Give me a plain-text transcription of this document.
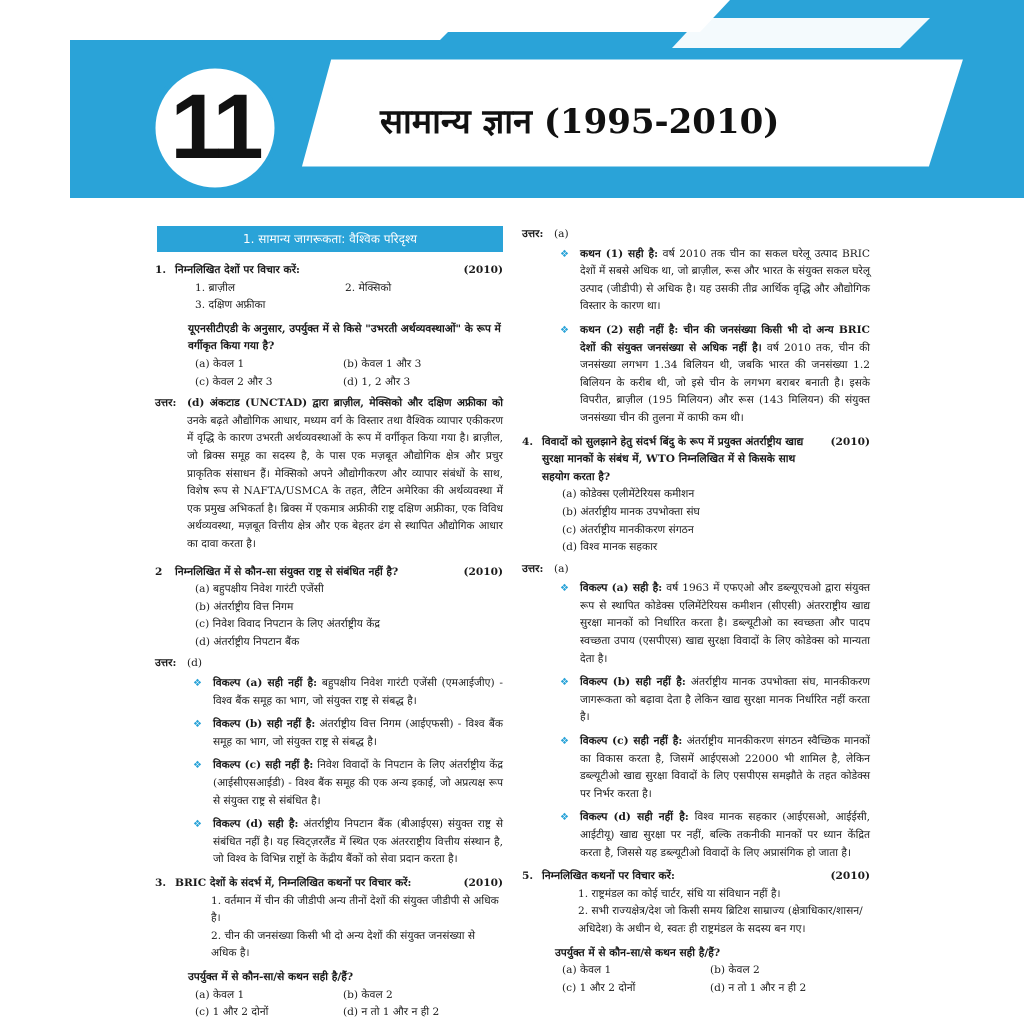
11	सामान्य ज्ञान (1995-2010)
1. सामान्य जागरूकता: वैश्विक परिदृश्य
1. निम्नलिखित देशों पर विचार करें:	(2010)
1. ब्राज़ील	2. मेक्सिको
3. दक्षिण अफ्रीका
यूएनसीटीएडी के अनुसार, उपर्युक्त में से किसे "उभरती अर्थव्यवस्थाओं" के रूप में वर्गीकृत किया गया है?
(a) केवल 1	(b) केवल 1 और 3
(c) केवल 2 और 3	(d) 1, 2 और 3
उत्तर: (d) अंकटाड (UNCTAD) द्वारा ब्राज़ील, मेक्सिको और दक्षिण अफ्रीका को उनके बढ़ते औद्योगिक आधार, मध्यम वर्ग के विस्तार तथा वैश्विक व्यापार एकीकरण में वृद्धि के कारण उभरती अर्थव्यवस्थाओं के रूप में वर्गीकृत किया गया है। ब्राज़ील, जो ब्रिक्स समूह का सदस्य है, के पास एक मज़बूत औद्योगिक क्षेत्र और प्रचुर प्राकृतिक संसाधन हैं। मेक्सिको अपने औद्योगीकरण और व्यापार संबंधों के साथ, विशेष रूप से NAFTA/USMCA के तहत, लैटिन अमेरिका की अर्थव्यवस्था में एक प्रमुख अभिकर्ता है। ब्रिक्स में एकमात्र अफ्रीकी राष्ट्र दक्षिण अफ्रीका, एक विविध अर्थव्यवस्था, मज़बूत वित्तीय क्षेत्र और एक बेहतर ढंग से स्थापित औद्योगिक आधार का दावा करता है।
2 निम्नलिखित में से कौन-सा संयुक्त राष्ट्र से संबंधित नहीं है?	(2010)
(a) बहुपक्षीय निवेश गारंटी एजेंसी
(b) अंतर्राष्ट्रीय वित्त निगम
(c) निवेश विवाद निपटान के लिए अंतर्राष्ट्रीय केंद्र
(d) अंतर्राष्ट्रीय निपटान बैंक
उत्तर: (d)
❖ विकल्प (a) सही नहीं है: बहुपक्षीय निवेश गारंटी एजेंसी (एमआईजीए) - विश्व बैंक समूह का भाग, जो संयुक्त राष्ट्र से संबद्ध है।
❖ विकल्प (b) सही नहीं है: अंतर्राष्ट्रीय वित्त निगम (आईएफसी) - विश्व बैंक समूह का भाग, जो संयुक्त राष्ट्र से संबद्ध है।
❖ विकल्प (c) सही नहीं है: निवेश विवादों के निपटान के लिए अंतर्राष्ट्रीय केंद्र (आईसीएसआईडी) - विश्व बैंक समूह की एक अन्य इकाई, जो अप्रत्यक्ष रूप से संयुक्त राष्ट्र से संबंधित है।
❖ विकल्प (d) सही है: अंतर्राष्ट्रीय निपटान बैंक (बीआईएस) संयुक्त राष्ट्र से संबंधित नहीं है। यह स्विट्ज़रलैंड में स्थित एक अंतरराष्ट्रीय वित्तीय संस्थान है, जो विश्व के विभिन्न राष्ट्रों के केंद्रीय बैंकों को सेवा प्रदान करता है।
3. BRIC देशों के संदर्भ में, निम्नलिखित कथनों पर विचार करें:	(2010)
1. वर्तमान में चीन की जीडीपी अन्य तीनों देशों की संयुक्त जीडीपी से अधिक है।
2. चीन की जनसंख्या किसी भी दो अन्य देशों की संयुक्त जनसंख्या से अधिक है।
उपर्युक्त में से कौन-सा/से कथन सही है/हैं?
(a) केवल 1	(b) केवल 2
(c) 1 और 2 दोनों	(d) न तो 1 और न ही 2
उत्तर: (a)
❖ कथन (1) सही है: वर्ष 2010 तक चीन का सकल घरेलू उत्पाद BRIC देशों में सबसे अधिक था, जो ब्राज़ील, रूस और भारत के संयुक्त सकल घरेलू उत्पाद (जीडीपी) से अधिक है। यह उसकी तीव्र आर्थिक वृद्धि और औद्योगिक विस्तार के कारण था।
❖ कथन (2) सही नहीं है: चीन की जनसंख्या किसी भी दो अन्य BRIC देशों की संयुक्त जनसंख्या से अधिक नहीं है। वर्ष 2010 तक, चीन की जनसंख्या लगभग 1.34 बिलियन थी, जबकि भारत की जनसंख्या 1.2 बिलियन के करीब थी, जो इसे चीन के लगभग बराबर बनाती है। इसके विपरीत, ब्राज़ील (195 मिलियन) और रूस (143 मिलियन) की संयुक्त जनसंख्या चीन की तुलना में काफी कम थी।
4. विवादों को सुलझाने हेतु संदर्भ बिंदु के रूप में प्रयुक्त अंतर्राष्ट्रीय खाद्य सुरक्षा मानकों के संबंध में, WTO निम्नलिखित में से किसके साथ सहयोग करता है?
(2010)
(a) कोडेक्स एलीमेंटेरियस कमीशन
(b) अंतर्राष्ट्रीय मानक उपभोक्ता संघ
(c) अंतर्राष्ट्रीय मानकीकरण संगठन
(d) विश्व मानक सहकार
उत्तर: (a)
❖ विकल्प (a) सही है: वर्ष 1963 में एफएओ और डब्ल्यूएचओ द्वारा संयुक्त रूप से स्थापित कोडेक्स एलिमेंटेरियस कमीशन (सीएसी) अंतरराष्ट्रीय खाद्य सुरक्षा मानकों को निर्धारित करता है। डब्ल्यूटीओ का स्वच्छता और पादप स्वच्छता उपाय (एसपीएस) खाद्य सुरक्षा विवादों के लिए कोडेक्स को मान्यता देता है।
❖ विकल्प (b) सही नहीं है: अंतर्राष्ट्रीय मानक उपभोक्ता संघ, मानकीकरण जागरूकता को बढ़ावा देता है लेकिन खाद्य सुरक्षा मानक निर्धारित नहीं करता है।
❖ विकल्प (c) सही नहीं है: अंतर्राष्ट्रीय मानकीकरण संगठन स्वैच्छिक मानकों का विकास करता है, जिसमें आईएसओ 22000 भी शामिल है, लेकिन डब्ल्यूटीओ खाद्य सुरक्षा विवादों के लिए एसपीएस समझौते के तहत कोडेक्स पर निर्भर करता है।
❖ विकल्प (d) सही नहीं है: विश्व मानक सहकार (आईएसओ, आईईसी, आईटीयू) खाद्य सुरक्षा पर नहीं, बल्कि तकनीकी मानकों पर ध्यान केंद्रित करता है, जिससे यह डब्ल्यूटीओ विवादों के लिए अप्रासंगिक हो जाता है।
5. निम्नलिखित कथनों पर विचार करें:	(2010)
1. राष्ट्रमंडल का कोई चार्टर, संधि या संविधान नहीं है।
2. सभी राज्यक्षेत्र/देश जो किसी समय ब्रिटिश साम्राज्य (क्षेत्राधिकार/शासन/अधिदेश) के अधीन थे, स्वतः ही राष्ट्रमंडल के सदस्य बन गए।
उपर्युक्त में से कौन-सा/से कथन सही है/हैं?
(a) केवल 1	(b) केवल 2
(c) 1 और 2 दोनों	(d) न तो 1 और न ही 2
